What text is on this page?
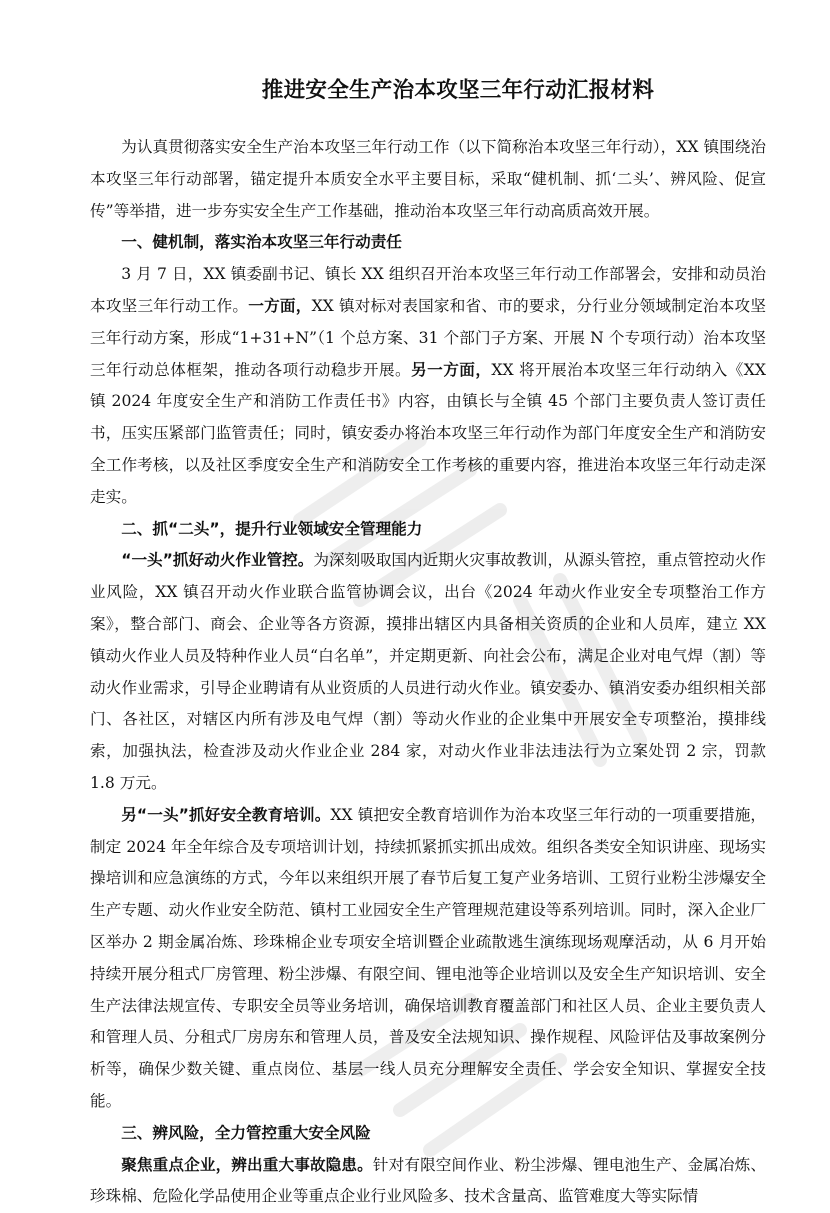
推进安全生产治本攻坚三年行动汇报材料

为认真贯彻落实安全生产治本攻坚三年行动工作（以下简称治本攻坚三年行动），XX 镇围绕治本攻坚三年行动部署，锚定提升本质安全水平主要目标，采取“健机制、抓‘二头’、辨风险、促宣传”等举措，进一步夯实安全生产工作基础，推动治本攻坚三年行动高质高效开展。

一、健机制，落实治本攻坚三年行动责任

3 月 7 日，XX 镇委副书记、镇长 XX 组织召开治本攻坚三年行动工作部署会，安排和动员治本攻坚三年行动工作。一方面，XX 镇对标对表国家和省、市的要求，分行业分领域制定治本攻坚三年行动方案，形成“1+31+N”（1 个总方案、31 个部门子方案、开展 N 个专项行动）治本攻坚三年行动总体框架，推动各项行动稳步开展。另一方面，XX 将开展治本攻坚三年行动纳入《XX 镇 2024 年度安全生产和消防工作责任书》内容，由镇长与全镇 45 个部门主要负责人签订责任书，压实压紧部门监管责任；同时，镇安委办将治本攻坚三年行动作为部门年度安全生产和消防安全工作考核，以及社区季度安全生产和消防安全工作考核的重要内容，推进治本攻坚三年行动走深走实。

二、抓“二头”，提升行业领域安全管理能力

“一头”抓好动火作业管控。为深刻吸取国内近期火灾事故教训，从源头管控，重点管控动火作业风险，XX 镇召开动火作业联合监管协调会议，出台《2024 年动火作业安全专项整治工作方案》，整合部门、商会、企业等各方资源，摸排出辖区内具备相关资质的企业和人员库，建立 XX 镇动火作业人员及特种作业人员“白名单”，并定期更新、向社会公布，满足企业对电气焊（割）等动火作业需求，引导企业聘请有从业资质的人员进行动火作业。镇安委办、镇消安委办组织相关部门、各社区，对辖区内所有涉及电气焊（割）等动火作业的企业集中开展安全专项整治，摸排线索，加强执法，检查涉及动火作业企业 284 家，对动火作业非法违法行为立案处罚 2 宗，罚款 1.8 万元。

另“一头”抓好安全教育培训。XX 镇把安全教育培训作为治本攻坚三年行动的一项重要措施，制定 2024 年全年综合及专项培训计划，持续抓紧抓实抓出成效。组织各类安全知识讲座、现场实操培训和应急演练的方式，今年以来组织开展了春节后复工复产业务培训、工贸行业粉尘涉爆安全生产专题、动火作业安全防范、镇村工业园安全生产管理规范建设等系列培训。同时，深入企业厂区举办 2 期金属冶炼、珍珠棉企业专项安全培训暨企业疏散逃生演练现场观摩活动，从 6 月开始持续开展分租式厂房管理、粉尘涉爆、有限空间、锂电池等企业培训以及安全生产知识培训、安全生产法律法规宣传、专职安全员等业务培训，确保培训教育覆盖部门和社区人员、企业主要负责人和管理人员、分租式厂房房东和管理人员，普及安全法规知识、操作规程、风险评估及事故案例分析等，确保少数关键、重点岗位、基层一线人员充分理解安全责任、学会安全知识、掌握安全技能。

三、辨风险，全力管控重大安全风险

聚焦重点企业，辨出重大事故隐患。针对有限空间作业、粉尘涉爆、锂电池生产、金属冶炼、珍珠棉、危险化学品使用企业等重点企业行业风险多、技术含量高、监管难度大等实际情
